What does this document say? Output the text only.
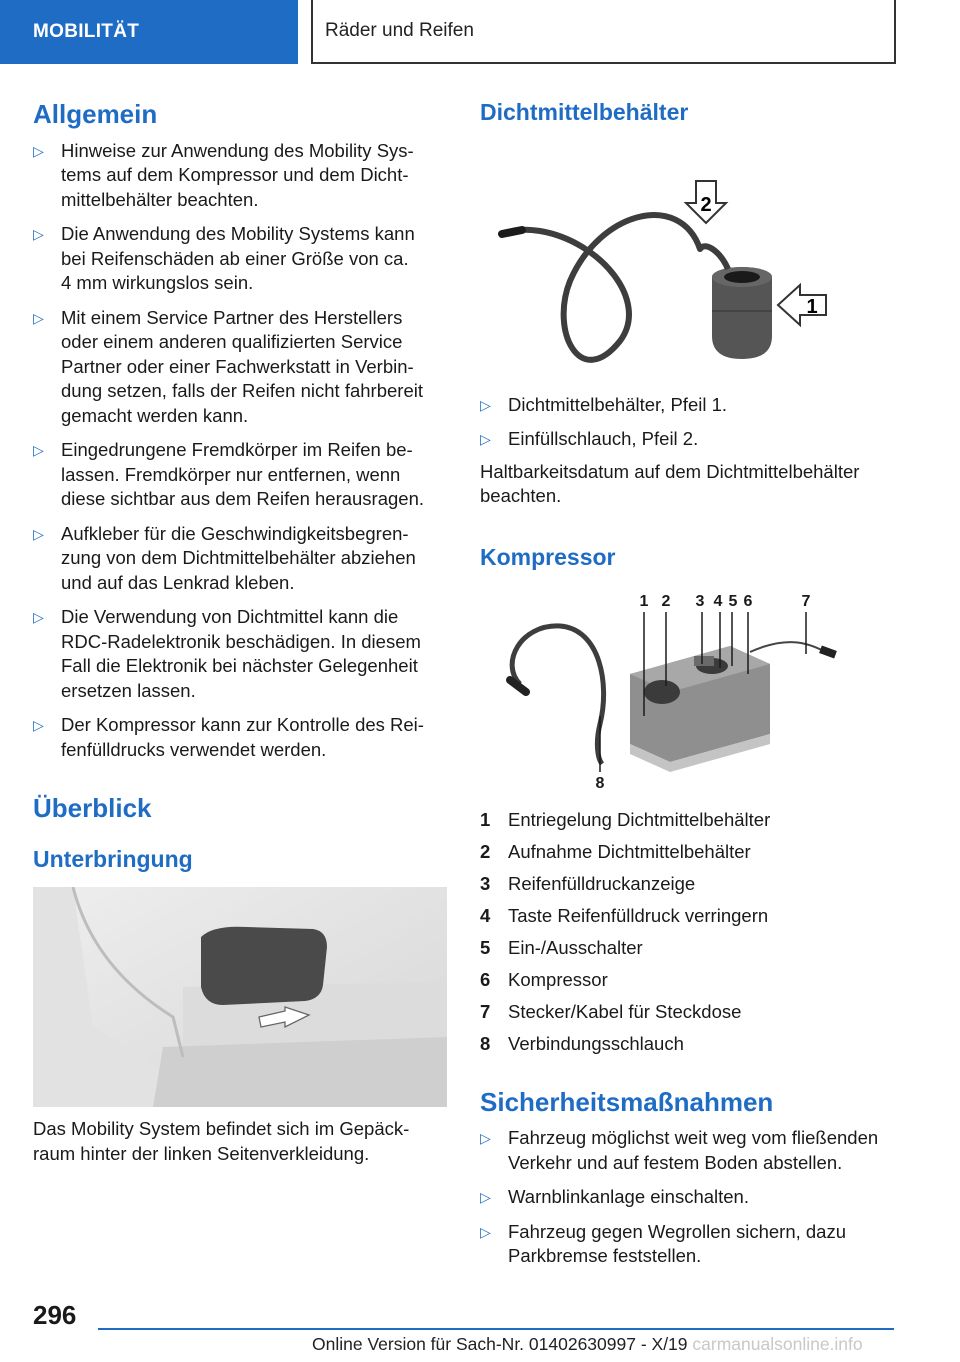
MOBILITÄT	Räder und Reifen
Allgemein
▷ Hinweise zur Anwendung des Mobility Sys-
tems auf dem Kompressor und dem Dicht-
mittelbehälter beachten.
▷ Die Anwendung des Mobility Systems kann
bei Reifenschäden ab einer Größe von ca.
4 mm wirkungslos sein.
▷ Mit einem Service Partner des Herstellers
oder einem anderen qualifizierten Service
Partner oder einer Fachwerkstatt in Verbin-
dung setzen, falls der Reifen nicht fahrbereit
gemacht werden kann.
▷ Eingedrungene Fremdkörper im Reifen be-
lassen. Fremdkörper nur entfernen, wenn
diese sichtbar aus dem Reifen herausragen.
▷ Aufkleber für die Geschwindigkeitsbegren-
zung von dem Dichtmittelbehälter abziehen
und auf das Lenkrad kleben.
▷ Die Verwendung von Dichtmittel kann die
RDC-Radelektronik beschädigen. In diesem
Fall die Elektronik bei nächster Gelegenheit
ersetzen lassen.
▷ Der Kompressor kann zur Kontrolle des Rei-
fenfülldrucks verwendet werden.
Überblick
Unterbringung

Das Mobility System befindet sich im Gepäck-
raum hinter der linken Seitenverkleidung.

Dichtmittelbehälter
2
1
▷ Dichtmittelbehälter, Pfeil 1.
▷ Einfüllschlauch, Pfeil 2.

Haltbarkeitsdatum auf dem Dichtmittelbehälter
beachten.

Kompressor
1 2 3 4 5 6	7
8
1 Entriegelung Dichtmittelbehälter
2 Aufnahme Dichtmittelbehälter
3 Reifenfülldruckanzeige
4 Taste Reifenfülldruck verringern
5 Ein-/Ausschalter
6 Kompressor
7 Stecker/Kabel für Steckdose
8 Verbindungsschlauch
Sicherheitsmaßnahmen
▷ Fahrzeug möglichst weit weg vom fließenden
Verkehr und auf festem Boden abstellen.
▷ Warnblinkanlage einschalten.
▷ Fahrzeug gegen Wegrollen sichern, dazu
Parkbremse feststellen.
296
Online Version für Sach-Nr. 01402630997 - X/19 carmanualsonline.info
